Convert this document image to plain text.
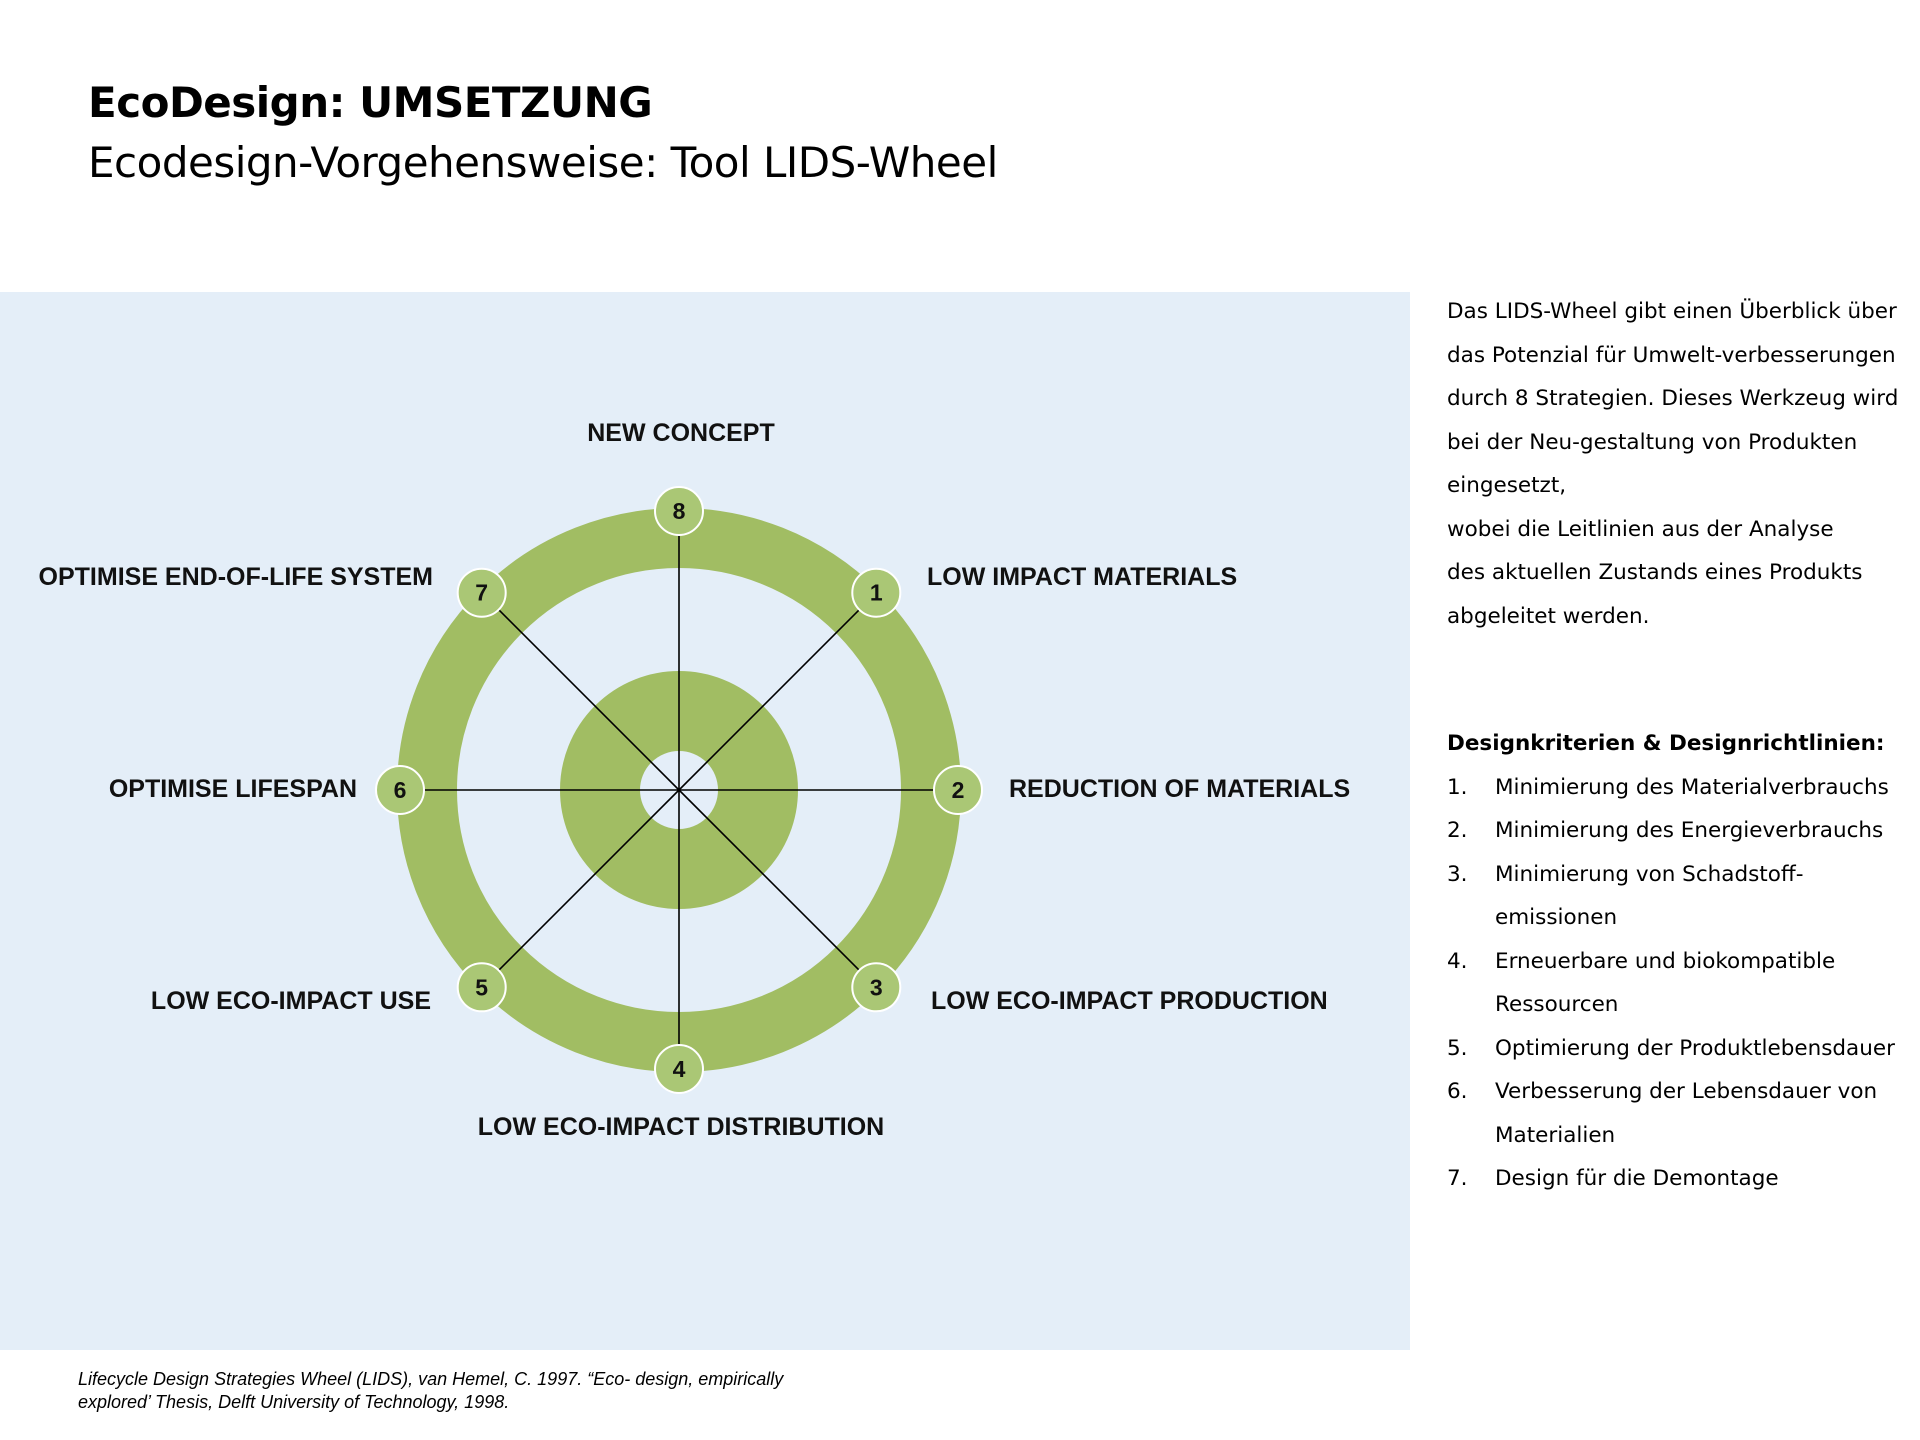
EcoDesign: UMSETZUNG
Ecodesign-Vorgehensweise: Tool LIDS-Wheel
1
2
3
4
5
6
7
8
LOW IMPACT MATERIALS
REDUCTION OF MATERIALS
LOW ECO-IMPACT PRODUCTION
LOW ECO-IMPACT DISTRIBUTION
LOW ECO-IMPACT USE
OPTIMISE LIFESPAN
OPTIMISE END-OF-LIFE SYSTEM
NEW CONCEPT

Das LIDS-Wheel gibt einen Überblick über

das Potenzial für Umwelt-verbesserungen

durch 8 Strategien. Dieses Werkzeug wird

bei der Neu-gestaltung von Produkten

eingesetzt,

wobei die Leitlinien aus der Analyse

des aktuellen Zustands eines Produkts

abgeleitet werden.

Designkriterien & Designrichtlinien:

1.	Minimierung des Materialverbrauchs
2.	Minimierung des Energieverbrauchs
3.	Minimierung von Schadstoff-emissionen
4.	Erneuerbare und biokompatible Ressourcen
5.	Optimierung der Produktlebensdauer
6.	Verbesserung der Lebensdauer von Materialien
7.	Design für die Demontage
Lifecycle Design Strategies Wheel (LIDS), van Hemel, C. 1997. “Eco- design, empirically
explored’ Thesis, Delft University of Technology, 1998.
